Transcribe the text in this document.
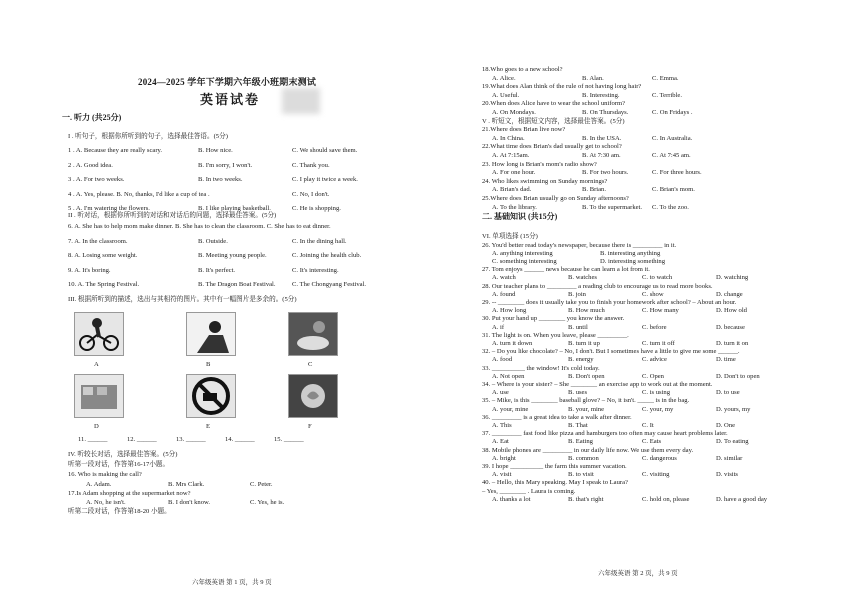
2024—2025 学年下学期六年级小班期末测试
英语试卷
一. 听力 (共25分)
六年级英语 第 1 页，共 9 页
I . 听句子，根据你所听到的句子，选择最佳答语。(5分)
1 . A. Because they are really scary.	B. How nice.	C. We should save them.
2 . A. Good idea.	B. I'm sorry, I won't.	C. Thank you.
3 . A. For two weeks.	B. In two weeks.	C. I play it twice a week.
4 . A. Yes, please. B. No, thanks, I'd like a cup of tea .	C. No, I don't.
5 . A. I'm watering the flowers.	B. I like playing basketball.	C. He is shopping.
II . 听对话，根据你所听到的对话和对话后的问题，选择最佳答案。(5分)
6. A. She has to help mom make dinner. B. She has to clean the classroom. C. She has to eat dinner.
7. A. In the classroom.	B. Outside.	C. In the dining hall.
8. A. Losing some weight.	B. Meeting young people.	C. Joining the health club.
9. A. It's boring.	B. It's perfect.	C. It's interesting.
10. A. The Spring Festival.	B. The Dragon Boat Festival. C. The Chongyang Festival.
III. 根据所听到的描述，选出与其相符的图片。其中有一幅图片是多余的。(5分)
A	B	C
D	E	F
11. ______	12. ______	13. ______	14. ______	15. ______
IV. 听较长对话，选择最佳答案。(5分)
听第一段对话，作答第16-17小题。
16. Who is making the call?
A. Adam.	B. Mrs Clark.	C. Peter.
17.Is Adam shopping at the supermarket now?
A. No, he isn't.	B. I don't know.	C. Yes, he is.
听第二段对话，作答第18-20 小题。
六年级英语 第 2 页，共 9 页
18.Who goes to a new school?
A. Alice.	B. Alan.	C. Emma.
19.What does Alan think of the rule of not having long hair?
A. Useful.	B. Interesting.	C. Terrible.
20.When does Alice have to wear the school uniform?
A. On Mondays.	B. On Thursdays.	C. On Fridays .
V . 听短文，根据短文内容，选择最佳答案。(5分)
21.Where does Brian live now?
A. In China.	B. In the USA.	C. In Australia.
22.What time does Brian's dad usually get to school?
A. At 7:15am.	B. At 7:30 am.	C. At 7:45 am.
23. How long is Brian's mom's radio show?
A. For one hour.	B. For two hours.	C. For three hours.
24. Who likes swimming on Sunday mornings?
A. Brian's dad.	B. Brian.	C. Brian's mom.
25.Where does Brian usually go on Sunday afternoons?
A. To the library.	B. To the supermarket. C. To the zoo.
二. 基础知识 (共15分)
VI. 单项选择 (15分)
26. You'd better read today's newspaper, because there is _________ in it.
A. anything interesting	B. interesting anything
C. something interesting	D. interesting something
27. Tom enjoys ______ news because he can learn a lot from it.
A. watch	B. watches	C. to watch	D. watching
28. Our teacher plans to _________ a reading club to encourage us to read more books.
A. found	B. join	C. show	D. change
29. -- ________ does it usually take you to finish your homework after school? – About an hour.
A. How long	B. How much	C. How many	D. How old
30. Put your hand up ________ you know the answer.
A. if	B. until	C. before	D. because
31. The light is on. When you leave, please _________.
A. turn it down	B. turn it up	C. turn it off	D. turn it on
32. – Do you like chocolate? – No, I don't. But I sometimes have a little to give me some ______.
A. food	B. energy	C. advice	D. time
33. __________ the window! It's cold today.
A. Not open	B. Don't open	C. Open	D. Don't to open
34. – Where is your sister? – She ________ an exercise app to work out at the moment.
A. use	B. uses	C. is using	D. to use
35. – Mike, is this ________ baseball glove? – No, it isn't. _____ is in the bag.
A. your, mine	B. your, mine	C. your, my	D. yours, my
36. _________ is a great idea to take a walk after dinner.
A. This	B. That	C. It	D. One
37. _________ fast food like pizza and hamburgers too often may cause heart problems later.
A. Eat	B. Eating	C. Eats	D. To eating
38. Mobile phones are _________ in our daily life now. We use them every day.
A. bright	B. common	C. dangerous	D. similar
39. I hope __________ the farm this summer vacation.
A. visit	B. to visit	C. visiting	D. visits
40. – Hello, this Mary speaking. May I speak to Laura?
– Yes, ________ . Laura is coming.
A. thanks a lot	B. that's right	C. hold on, please	D. have a good day
